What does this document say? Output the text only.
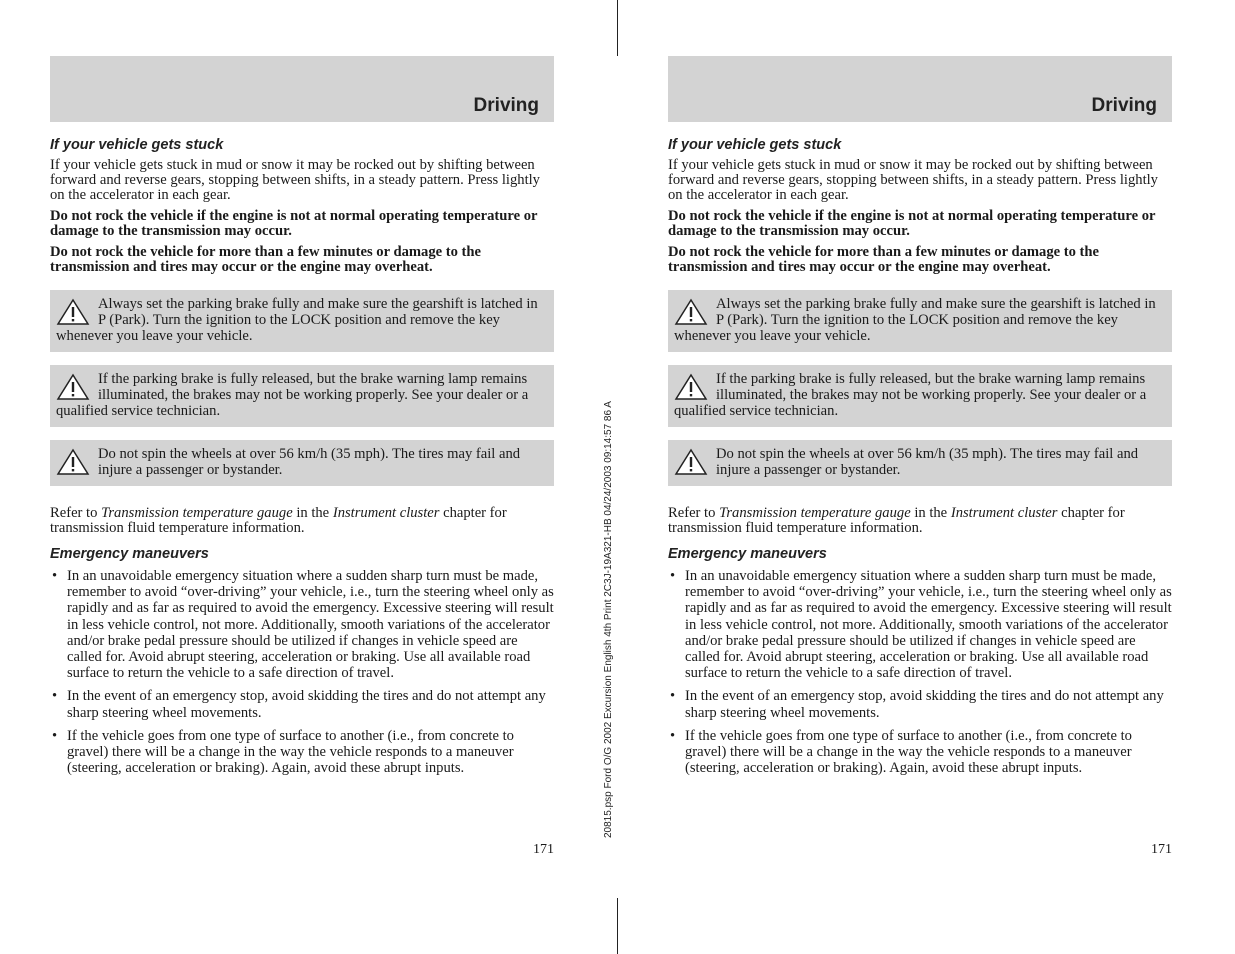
20815.psp Ford O/G 2002 Excursion English 4th Print 2C3J-19A321-HB 04/24/2003 09:14:57 86 A
Driving
If your vehicle gets stuck

If your vehicle gets stuck in mud or snow it may be rocked out by shifting between forward and reverse gears, stopping between shifts, in a steady pattern. Press lightly on the accelerator in each gear.

Do not rock the vehicle if the engine is not at normal operating temperature or damage to the transmission may occur.

Do not rock the vehicle for more than a few minutes or damage to the transmission and tires may occur or the engine may overheat.

Always set the parking brake fully and make sure the gearshift is latched in P (Park). Turn the ignition to the LOCK position and remove the key whenever you leave your vehicle.
If the parking brake is fully released, but the brake warning lamp remains illuminated, the brakes may not be working properly. See your dealer or a qualified service technician.
Do not spin the wheels at over 56 km/h (35 mph). The tires may fail and injure a passenger or bystander.

Refer to Transmission temperature gauge in the Instrument cluster chapter for transmission fluid temperature information.

Emergency maneuvers
• In an unavoidable emergency situation where a sudden sharp turn must be made, remember to avoid “over-driving” your vehicle, i.e., turn the steering wheel only as rapidly and as far as required to avoid the emergency. Excessive steering will result in less vehicle control, not more. Additionally, smooth variations of the accelerator and/or brake pedal pressure should be utilized if changes in vehicle speed are called for. Avoid abrupt steering, acceleration or braking. Use all available road surface to return the vehicle to a safe direction of travel.
• In the event of an emergency stop, avoid skidding the tires and do not attempt any sharp steering wheel movements.
• If the vehicle goes from one type of surface to another (i.e., from concrete to gravel) there will be a change in the way the vehicle responds to a maneuver (steering, acceleration or braking). Again, avoid these abrupt inputs.
171
Driving
If your vehicle gets stuck

If your vehicle gets stuck in mud or snow it may be rocked out by shifting between forward and reverse gears, stopping between shifts, in a steady pattern. Press lightly on the accelerator in each gear.

Do not rock the vehicle if the engine is not at normal operating temperature or damage to the transmission may occur.

Do not rock the vehicle for more than a few minutes or damage to the transmission and tires may occur or the engine may overheat.

Always set the parking brake fully and make sure the gearshift is latched in P (Park). Turn the ignition to the LOCK position and remove the key whenever you leave your vehicle.
If the parking brake is fully released, but the brake warning lamp remains illuminated, the brakes may not be working properly. See your dealer or a qualified service technician.
Do not spin the wheels at over 56 km/h (35 mph). The tires may fail and injure a passenger or bystander.

Refer to Transmission temperature gauge in the Instrument cluster chapter for transmission fluid temperature information.

Emergency maneuvers
• In an unavoidable emergency situation where a sudden sharp turn must be made, remember to avoid “over-driving” your vehicle, i.e., turn the steering wheel only as rapidly and as far as required to avoid the emergency. Excessive steering will result in less vehicle control, not more. Additionally, smooth variations of the accelerator and/or brake pedal pressure should be utilized if changes in vehicle speed are called for. Avoid abrupt steering, acceleration or braking. Use all available road surface to return the vehicle to a safe direction of travel.
• In the event of an emergency stop, avoid skidding the tires and do not attempt any sharp steering wheel movements.
• If the vehicle goes from one type of surface to another (i.e., from concrete to gravel) there will be a change in the way the vehicle responds to a maneuver (steering, acceleration or braking). Again, avoid these abrupt inputs.
171
